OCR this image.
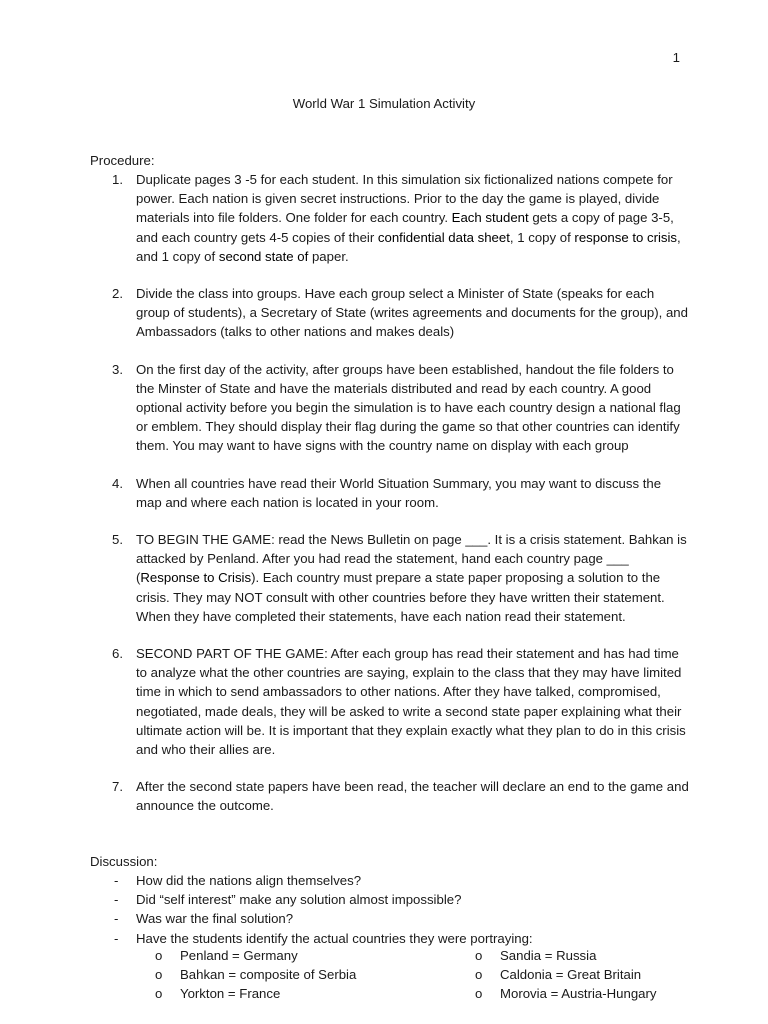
1
World War 1 Simulation Activity
Procedure:
1. Duplicate pages 3 -5 for each student. In this simulation six fictionalized nations compete for power. Each nation is given secret instructions. Prior to the day the game is played, divide materials into file folders. One folder for each country. Each student gets a copy of page 3-5, and each country gets 4-5 copies of their confidential data sheet, 1 copy of response to crisis, and 1 copy of second state of paper.
2. Divide the class into groups. Have each group select a Minister of State (speaks for each group of students), a Secretary of State (writes agreements and documents for the group), and Ambassadors (talks to other nations and makes deals)
3. On the first day of the activity, after groups have been established, handout the file folders to the Minster of State and have the materials distributed and read by each country. A good optional activity before you begin the simulation is to have each country design a national flag or emblem. They should display their flag during the game so that other countries can identify them. You may want to have signs with the country name on display with each group
4. When all countries have read their World Situation Summary, you may want to discuss the map and where each nation is located in your room.
5. TO BEGIN THE GAME: read the News Bulletin on page ___. It is a crisis statement. Bahkan is attacked by Penland. After you had read the statement, hand each country page ___ (Response to Crisis). Each country must prepare a state paper proposing a solution to the crisis. They may NOT consult with other countries before they have written their statement. When they have completed their statements, have each nation read their statement.
6. SECOND PART OF THE GAME: After each group has read their statement and has had time to analyze what the other countries are saying, explain to the class that they may have limited time in which to send ambassadors to other nations. After they have talked, compromised, negotiated, made deals, they will be asked to write a second state paper explaining what their ultimate action will be. It is important that they explain exactly what they plan to do in this crisis and who their allies are.
7. After the second state papers have been read, the teacher will declare an end to the game and announce the outcome.
Discussion:
- How did the nations align themselves?
- Did “self interest” make any solution almost impossible?
- Was war the final solution?
- Have the students identify the actual countries they were portraying:
o Penland = Germany	o Sandia = Russia
o Bahkan = composite of Serbia	o Caldonia = Great Britain
o Yorkton = France	o Morovia = Austria-Hungary
